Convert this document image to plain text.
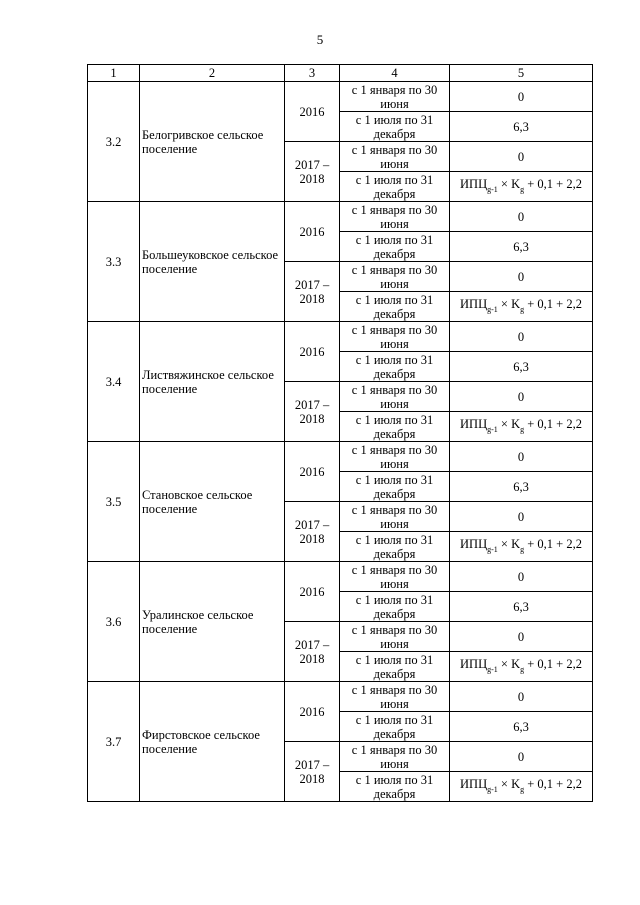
5
1	2	3	4	5
3.2	Белогривское сельское поселение	2016	с 1 января по 30 июня	0
			с 1 июля по 31 декабря	6,3
		2017 – 2018	с 1 января по 30 июня	0
			с 1 июля по 31 декабря	$ИПЦ_{g-1} \times K_g + 0,1 + 2,2$
3.3	Большеуковское сельское поселение	2016	с 1 января по 30 июня	0
			с 1 июля по 31 декабря	6,3
		2017 – 2018	с 1 января по 30 июня	0
			с 1 июля по 31 декабря	$ИПЦ_{g-1} \times K_g + 0,1 + 2,2$
3.4	Листвяжинское сельское поселение	2016	с 1 января по 30 июня	0
			с 1 июля по 31 декабря	6,3
		2017 – 2018	с 1 января по 30 июня	0
			с 1 июля по 31 декабря	$ИПЦ_{g-1} \times K_g + 0,1 + 2,2$
3.5	Становское сельское поселение	2016	с 1 января по 30 июня	0
			с 1 июля по 31 декабря	6,3
		2017 – 2018	с 1 января по 30 июня	0
			с 1 июля по 31 декабря	$ИПЦ_{g-1} \times K_g + 0,1 + 2,2$
3.6	Уралинское сельское поселение	2016	с 1 января по 30 июня	0
			с 1 июля по 31 декабря	6,3
		2017 – 2018	с 1 января по 30 июня	0
			с 1 июля по 31 декабря	$ИПЦ_{g-1} \times K_g + 0,1 + 2,2$
3.7	Фирстовское сельское поселение	2016	с 1 января по 30 июня	0
			с 1 июля по 31 декабря	6,3
		2017 – 2018	с 1 января по 30 июня	0
			с 1 июля по 31 декабря	$ИПЦ_{g-1} \times K_g + 0,1 + 2,2$
